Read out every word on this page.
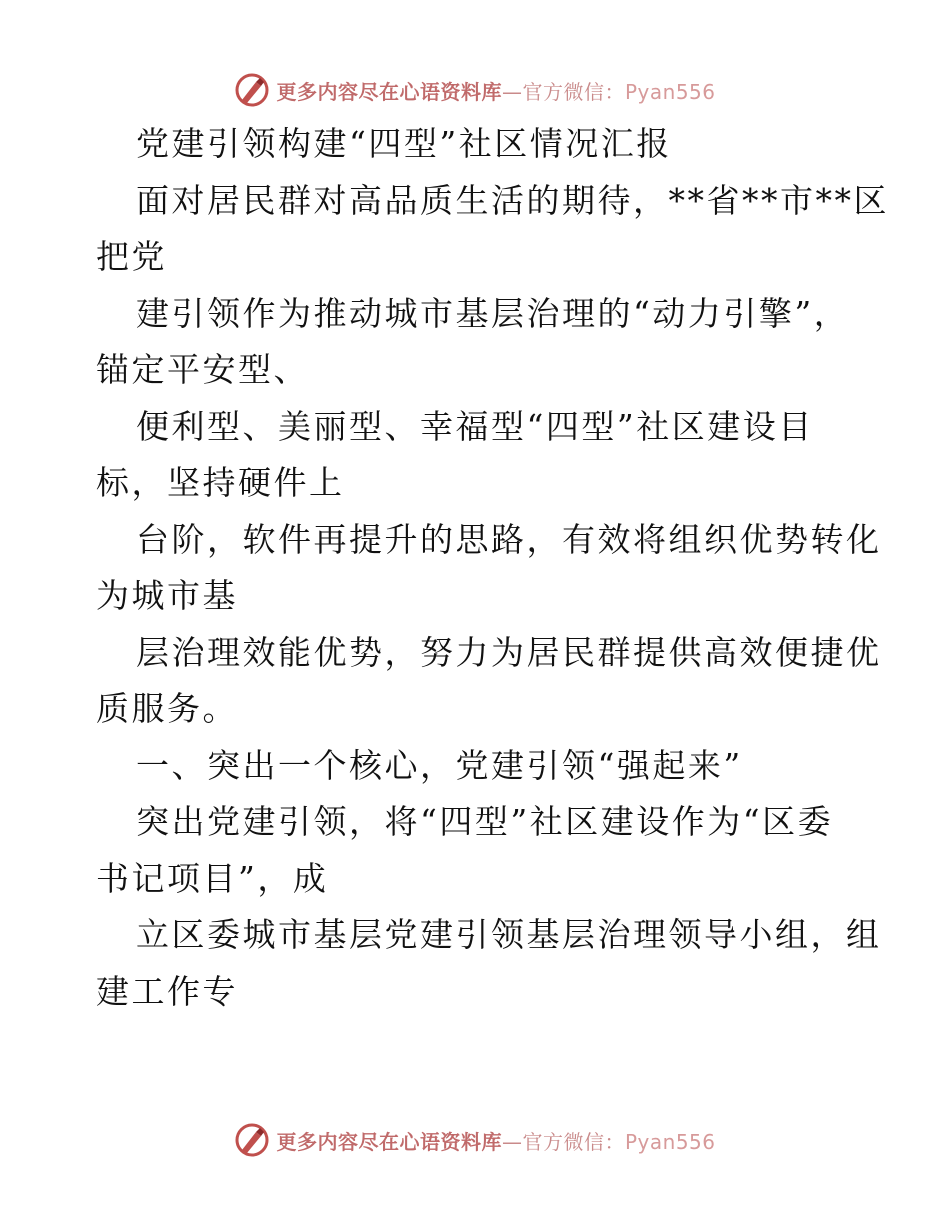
更多内容尽在心语资料库—官方微信：Pyan556
党建引领构建“四型”社区情况汇报
面对居民群对高品质生活的期待，**省**市**区
把党
建引领作为推动城市基层治理的“动力引擎”，
锚定平安型、
便利型、美丽型、幸福型“四型”社区建设目
标，坚持硬件上
台阶，软件再提升的思路，有效将组织优势转化
为城市基
层治理效能优势，努力为居民群提供高效便捷优
质服务。
一、突出一个核心，党建引领“强起来”
突出党建引领，将“四型”社区建设作为“区委
书记项目”，成
立区委城市基层党建引领基层治理领导小组，组
建工作专
更多内容尽在心语资料库—官方微信：Pyan556
